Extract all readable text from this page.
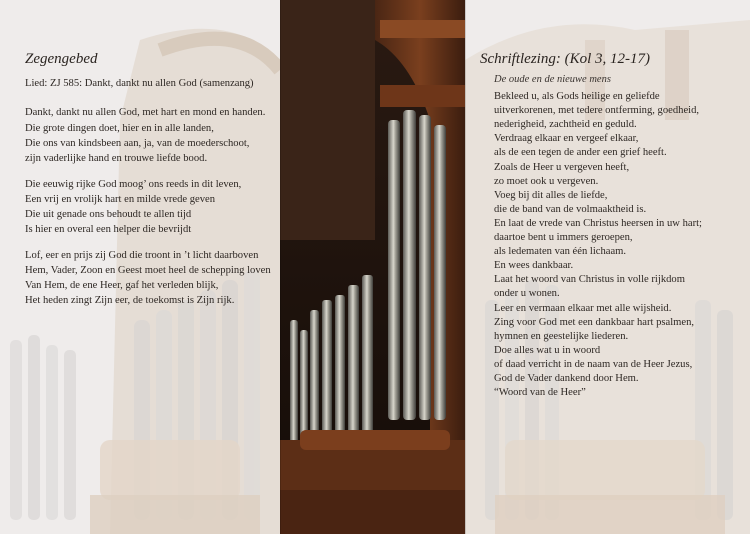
Zegengebed
Lied: ZJ 585: Dankt, dankt nu allen God (samenzang)
Dankt, dankt nu allen God, met hart en mond en handen.
Die grote dingen doet, hier en in alle landen,
Die ons van kindsbeen aan, ja, van de moederschoot,
zijn vaderlijke hand en trouwe liefde bood.
Die eeuwig rijke God moog’ ons reeds in dit leven,
Een vrij en vrolijk hart en milde vrede geven
Die uit genade ons behoudt te allen tijd
Is hier en overal een helper die bevrijdt
Lof, eer en prijs zij God die troont in ’t licht daarboven
Hem, Vader, Zoon en Geest moet heel de schepping loven
Van Hem, de ene Heer, gaf het verleden blijk,
Het heden zingt Zijn eer, de toekomst is Zijn rijk.
Schriftlezing: (Kol 3, 12-17)
De oude en de nieuwe mens
Bekleed u, als Gods heilige en geliefde
uitverkorenen, met tedere ontferming, goedheid,
nederigheid, zachtheid en geduld.
Verdraag elkaar en vergeef elkaar,
als de een tegen de ander een grief heeft.
Zoals de Heer u vergeven heeft,
zo moet ook u vergeven.
Voeg bij dit alles de liefde,
die de band van de volmaaktheid is.
En laat de vrede van Christus heersen in uw hart;
daartoe bent u immers geroepen,
als ledematen van één lichaam.
En wees dankbaar.
Laat het woord van Christus in volle rijkdom
onder u wonen.
Leer en vermaan elkaar met alle wijsheid.
Zing voor God met een dankbaar hart psalmen,
hymnen en geestelijke liederen.
Doe alles wat u in woord
of daad verricht in de naam van de Heer Jezus,
God de Vader dankend door Hem.
“Woord van de Heer”
